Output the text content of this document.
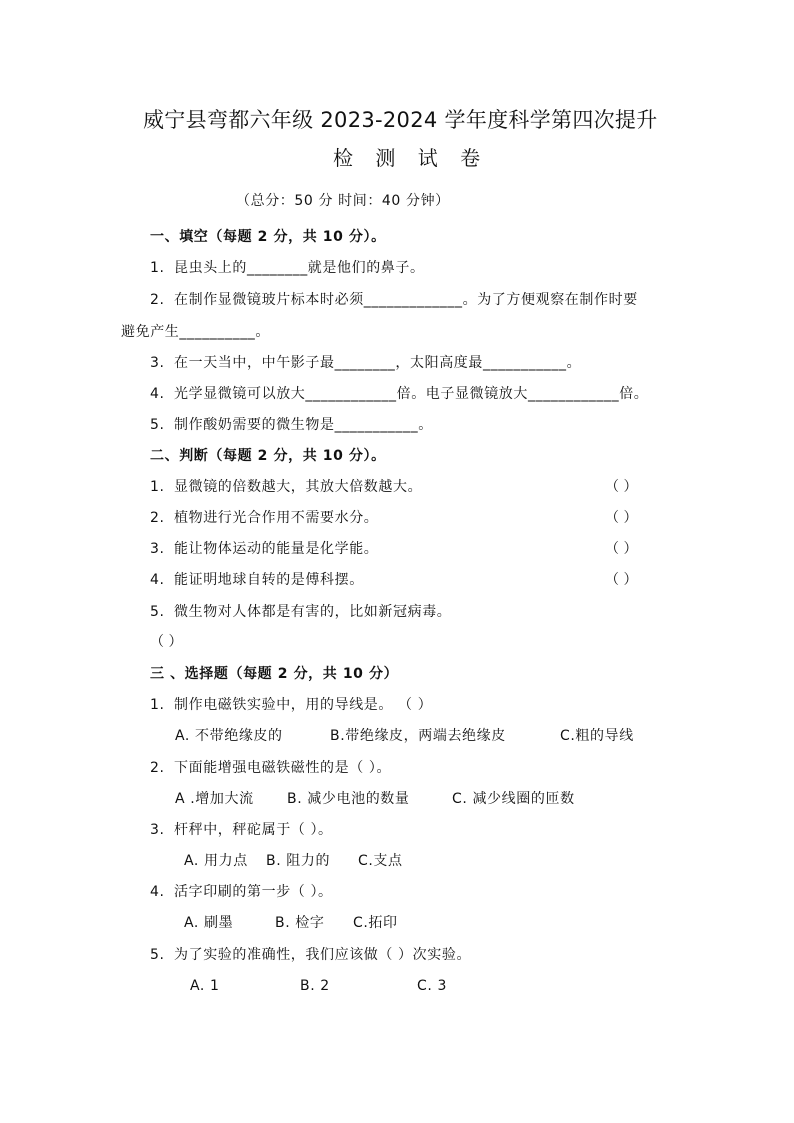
威宁县弯都六年级 2023-2024 学年度科学第四次提升
检 测 试 卷
（总分：50 分 时间：40 分钟）
一、填空（每题 2 分，共 10 分）。
1. 昆虫头上的________就是他们的鼻子。
2. 在制作显微镜玻片标本时必须_____________。为了方便观察在制作时要
避免产生__________。
3. 在一天当中，中午影子最________，太阳高度最___________。
4. 光学显微镜可以放大____________倍。电子显微镜放大____________倍。
5. 制作酸奶需要的微生物是___________。
二、判断（每题 2 分，共 10 分）。
1. 显微镜的倍数越大，其放大倍数越大。	（ ）
2. 植物进行光合作用不需要水分。	（ ）
3. 能让物体运动的能量是化学能。	（ ）
4. 能证明地球自转的是傅科摆。	（ ）
5. 微生物对人体都是有害的，比如新冠病毒。
（ ）
三 、选择题（每题 2 分，共 10 分）
1. 制作电磁铁实验中，用的导线是。 （ ）
A. 不带绝缘皮的	B.带绝缘皮，两端去绝缘皮	C.粗的导线
2. 下面能增强电磁铁磁性的是（ ）。
A .增加大流 B. 减少电池的数量	C. 减少线圈的匝数
3. 杆秤中，秤砣属于（ ）。
A. 用力点 B. 阻力的 C.支点
4. 活字印刷的第一步（ ）。
A. 刷墨	B. 检字 C.拓印
5. 为了实验的准确性，我们应该做（ ）次实验。
A. 1	B. 2	C. 3
